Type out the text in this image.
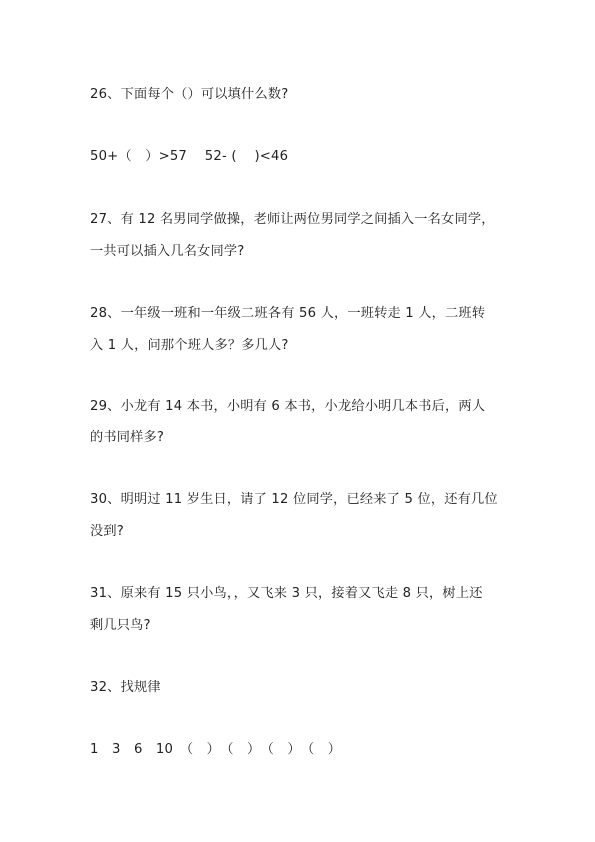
26、下面每个（）可以填什么数?
50+（　）>57　 52- (　 )<46
27、有 12 名男同学做操，老师让两位男同学之间插入一名女同学，
一共可以插入几名女同学?
28、一年级一班和一年级二班各有 56 人，一班转走 1 人，二班转
入 1 人，问那个班人多？多几人?
29、小龙有 14 本书，小明有 6 本书，小龙给小明几本书后，两人
的书同样多?
30、明明过 11 岁生日，请了 12 位同学，已经来了 5 位，还有几位
没到?
31、原来有 15 只小鸟，，又飞来 3 只，接着又飞走 8 只，树上还
剩几只鸟?
32、找规律
1　3　6　10　（　）　（　）　（　）　（　）
